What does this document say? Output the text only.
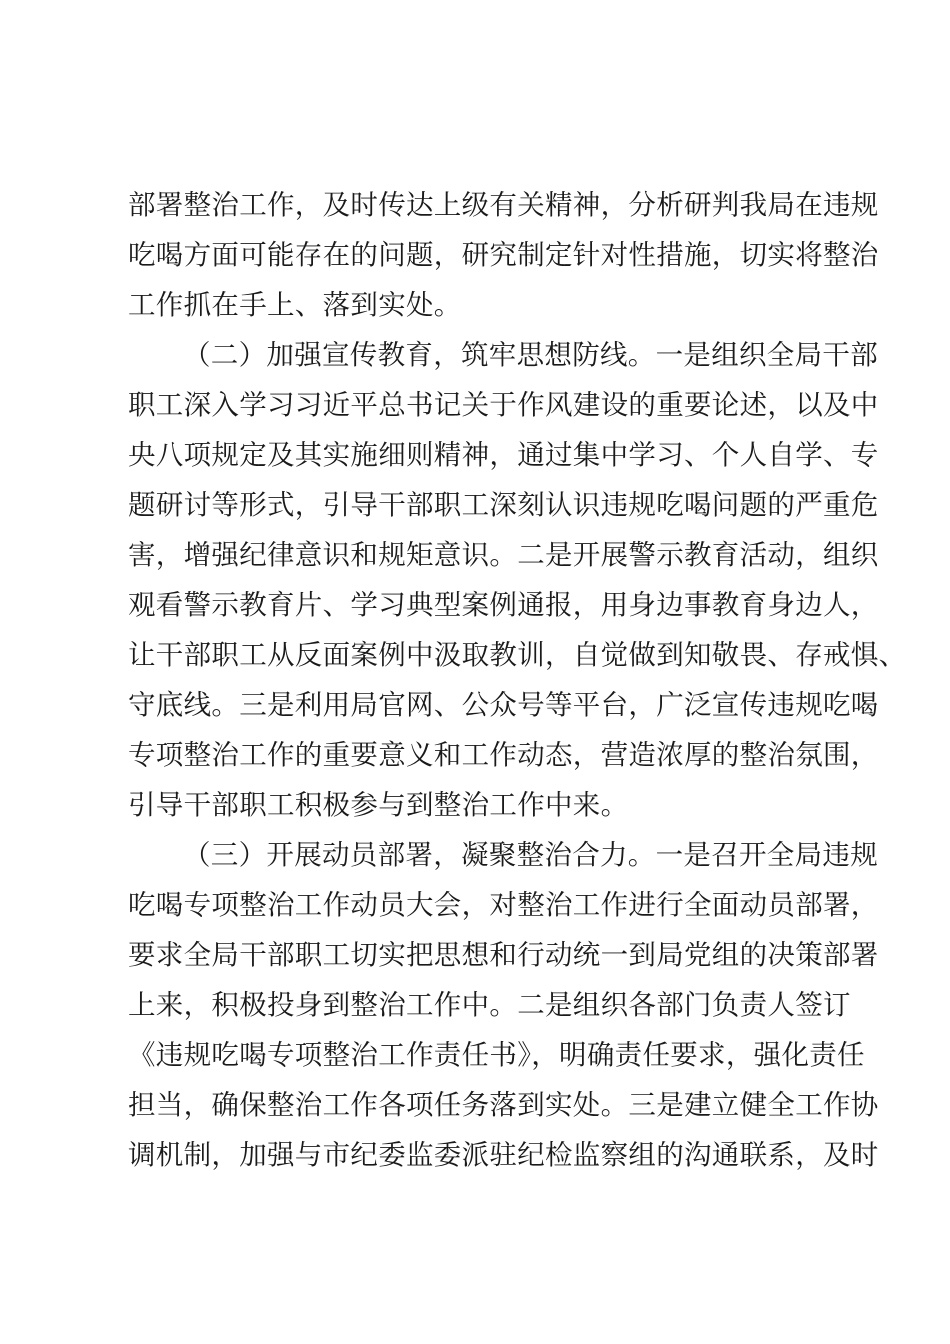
部署整治工作，及时传达上级有关精神，分析研判我局在违规
吃喝方面可能存在的问题，研究制定针对性措施，切实将整治
工作抓在手上、落到实处。
（二）加强宣传教育，筑牢思想防线。一是组织全局干部
职工深入学习习近平总书记关于作风建设的重要论述，以及中
央八项规定及其实施细则精神，通过集中学习、个人自学、专
题研讨等形式，引导干部职工深刻认识违规吃喝问题的严重危
害，增强纪律意识和规矩意识。二是开展警示教育活动，组织
观看警示教育片、学习典型案例通报，用身边事教育身边人，
让干部职工从反面案例中汲取教训，自觉做到知敬畏、存戒惧、
守底线。三是利用局官网、公众号等平台，广泛宣传违规吃喝
专项整治工作的重要意义和工作动态，营造浓厚的整治氛围，
引导干部职工积极参与到整治工作中来。
（三）开展动员部署，凝聚整治合力。一是召开全局违规
吃喝专项整治工作动员大会，对整治工作进行全面动员部署，
要求全局干部职工切实把思想和行动统一到局党组的决策部署
上来，积极投身到整治工作中。二是组织各部门负责人签订
《违规吃喝专项整治工作责任书》，明确责任要求，强化责任
担当，确保整治工作各项任务落到实处。三是建立健全工作协
调机制，加强与市纪委监委派驻纪检监察组的沟通联系，及时
